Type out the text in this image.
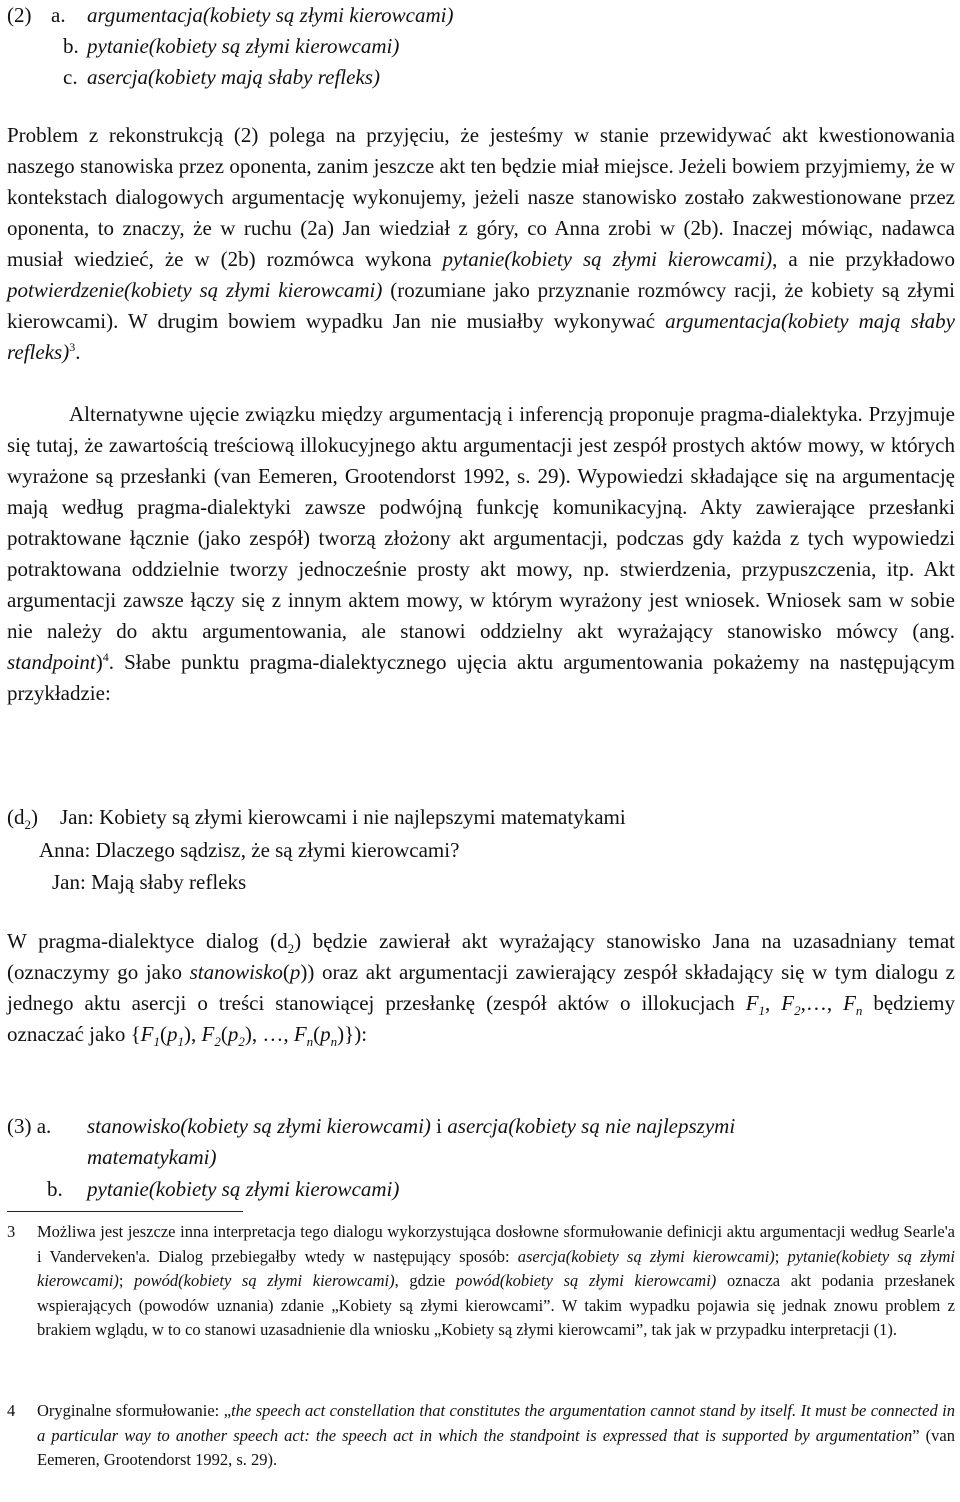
(2) a. argumentacja(kobiety są złymi kierowcami)
b. pytanie(kobiety są złymi kierowcami)
c. asercja(kobiety mają słaby refleks)
Problem z rekonstrukcją (2) polega na przyjęciu, że jesteśmy w stanie przewidywać akt kwestionowania naszego stanowiska przez oponenta, zanim jeszcze akt ten będzie miał miejsce. Jeżeli bowiem przyjmiemy, że w kontekstach dialogowych argumentację wykonujemy, jeżeli nasze stanowisko zostało zakwestionowane przez oponenta, to znaczy, że w ruchu (2a) Jan wiedział z góry, co Anna zrobi w (2b). Inaczej mówiąc, nadawca musiał wiedzieć, że w (2b) rozmówca wykona pytanie(kobiety są złymi kierowcami), a nie przykładowo potwierdzenie(kobiety są złymi kierowcami) (rozumiane jako przyznanie rozmówcy racji, że kobiety są złymi kierowcami). W drugim bowiem wypadku Jan nie musiałby wykonywać argumentacja(kobiety mają słaby refleks)$^3$.
Alternatywne ujęcie związku między argumentacją i inferencją proponuje pragma-dialektyka. Przyjmuje się tutaj, że zawartością treściową illokucyjnego aktu argumentacji jest zespół prostych aktów mowy, w których wyrażone są przesłanki (van Eemeren, Grootendorst 1992, s. 29). Wypowiedzi składające się na argumentację mają według pragma-dialektyki zawsze podwójną funkcję komunikacyjną. Akty zawierające przesłanki potraktowane łącznie (jako zespół) tworzą złożony akt argumentacji, podczas gdy każda z tych wypowiedzi potraktowana oddzielnie tworzy jednocześnie prosty akt mowy, np. stwierdzenia, przypuszczenia, itp. Akt argumentacji zawsze łączy się z innym aktem mowy, w którym wyrażony jest wniosek. Wniosek sam w sobie nie należy do aktu argumentowania, ale stanowi oddzielny akt wyrażający stanowisko mówcy (ang. standpoint)$^4$. Słabe punktu pragma-dialektycznego ujęcia aktu argumentowania pokażemy na następującym przykładzie:
$(d_2)$ Jan: Kobiety są złymi kierowcami i nie najlepszymi matematykami
Anna: Dlaczego sądzisz, że są złymi kierowcami?
Jan: Mają słaby refleks
W pragma-dialektyce dialog $(d_2)$ będzie zawierał akt wyrażający stanowisko Jana na uzasadniany temat (oznaczymy go jako stanowisko(p)) oraz akt argumentacji zawierający zespół składający się w tym dialogu z jednego aktu asercji o treści stanowiącej przesłankę (zespół aktów o illokucjach $F_1$, $F_2,\dots$, $F_n$ będziemy oznaczać jako {$F_1(p_1)$, $F_2(p_2)$, …, $F_n(p_n)$}):
(3) a. stanowisko(kobiety są złymi kierowcami) i asercja(kobiety są nie najlepszymi
matematykami)
b. pytanie(kobiety są złymi kierowcami)
3 Możliwa jest jeszcze inna interpretacja tego dialogu wykorzystująca dosłowne sformułowanie definicji aktu argumentacji według Searle'a i Vanderveken'a. Dialog przebiegałby wtedy w następujący sposób: asercja(kobiety są złymi kierowcami); pytanie(kobiety są złymi kierowcami); powód(kobiety są złymi kierowcami), gdzie powód(kobiety są złymi kierowcami) oznacza akt podania przesłanek wspierających (powodów uznania) zdanie „Kobiety są złymi kierowcami”. W takim wypadku pojawia się jednak znowu problem z brakiem wglądu, w to co stanowi uzasadnienie dla wniosku „Kobiety są złymi kierowcami”, tak jak w przypadku interpretacji (1).
4 Oryginalne sformułowanie: „the speech act constellation that constitutes the argumentation cannot stand by itself. It must be connected in a particular way to another speech act: the speech act in which the standpoint is expressed that is supported by argumentation” (van Eemeren, Grootendorst 1992, s. 29).
